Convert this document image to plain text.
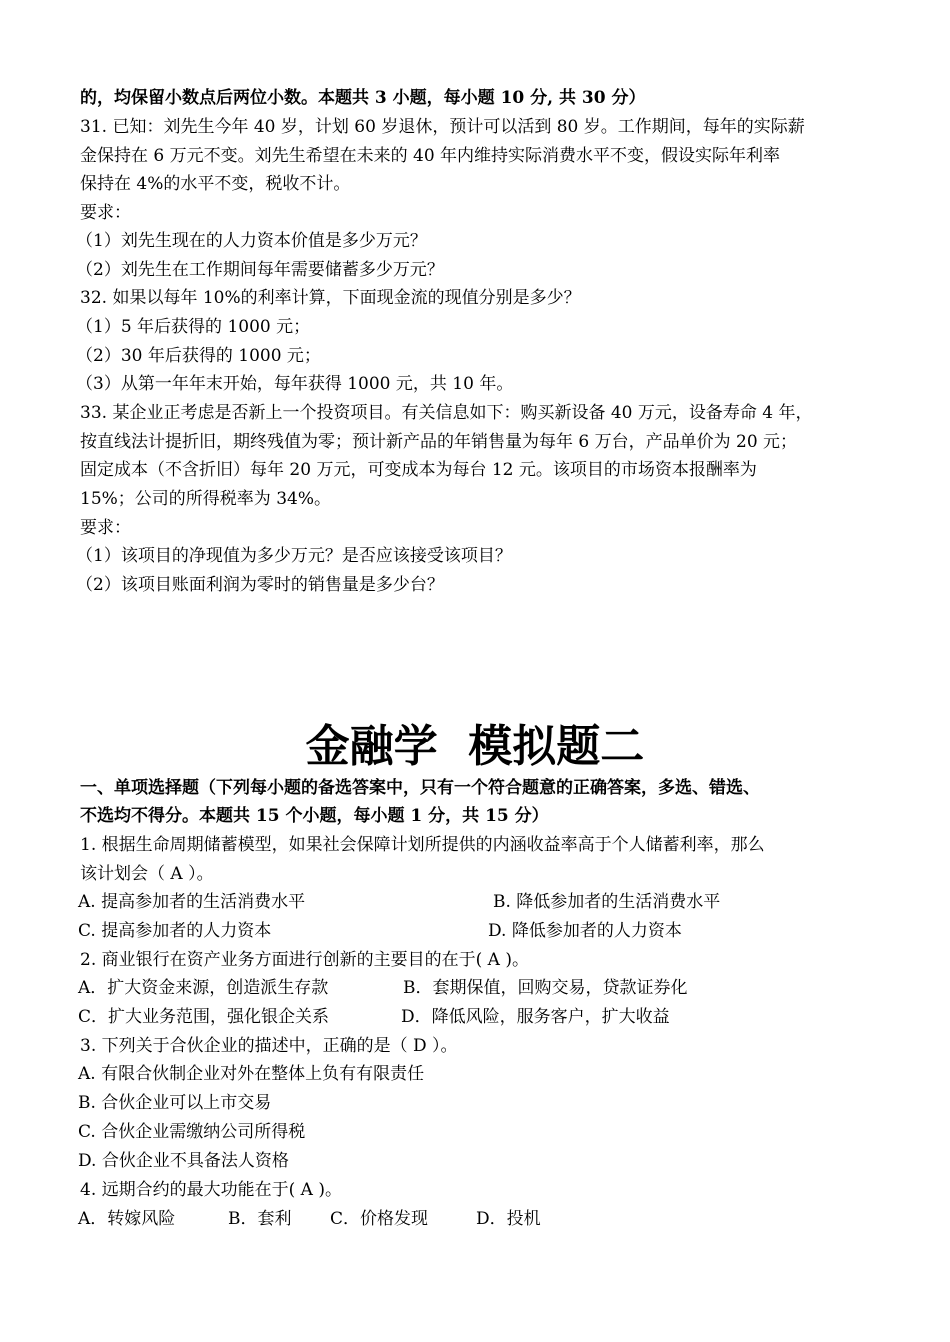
的，均保留小数点后两位小数。本题共 3 小题，每小题 10 分, 共 30 分）
31. 已知：刘先生今年 40 岁，计划 60 岁退休，预计可以活到 80 岁。工作期间，每年的实际薪
金保持在 6 万元不变。刘先生希望在未来的 40 年内维持实际消费水平不变，假设实际年利率
保持在 4%的水平不变，税收不计。
要求：
（1）刘先生现在的人力资本价值是多少万元？
（2）刘先生在工作期间每年需要储蓄多少万元？
32. 如果以每年 10%的利率计算，下面现金流的现值分别是多少？
（1）5 年后获得的 1000 元；
（2）30 年后获得的 1000 元；
（3）从第一年年末开始，每年获得 1000 元，共 10 年。
33. 某企业正考虑是否新上一个投资项目。有关信息如下：购买新设备 40 万元，设备寿命 4 年，
按直线法计提折旧，期终残值为零；预计新产品的年销售量为每年 6 万台，产品单价为 20 元；
固定成本（不含折旧）每年 20 万元，可变成本为每台 12 元。该项目的市场资本报酬率为
15%；公司的所得税率为 34%。
要求：
（1）该项目的净现值为多少万元？是否应该接受该项目？
（2）该项目账面利润为零时的销售量是多少台？
金融学  模拟题二
一、单项选择题（下列每小题的备选答案中，只有一个符合题意的正确答案，多选、错选、
不选均不得分。本题共 15 个小题，每小题 1 分，共 15 分）
1. 根据生命周期储蓄模型，如果社会保障计划所提供的内涵收益率高于个人储蓄利率，那么
该计划会（ A ）。
A. 提高参加者的生活消费水平	B. 降低参加者的生活消费水平
C. 提高参加者的人力资本	D. 降低参加者的人力资本
2. 商业银行在资产业务方面进行创新的主要目的在于( A )。
A．扩大资金来源，创造派生存款	B．套期保值，回购交易，贷款证券化
C．扩大业务范围，强化银企关系	D．降低风险，服务客户，扩大收益
3. 下列关于合伙企业的描述中，正确的是（ D ）。
A. 有限合伙制企业对外在整体上负有有限责任
B. 合伙企业可以上市交易
C. 合伙企业需缴纳公司所得税
D. 合伙企业不具备法人资格
4. 远期合约的最大功能在于( A )。
A．转嫁风险	B．套利 C．价格发现	D．投机
